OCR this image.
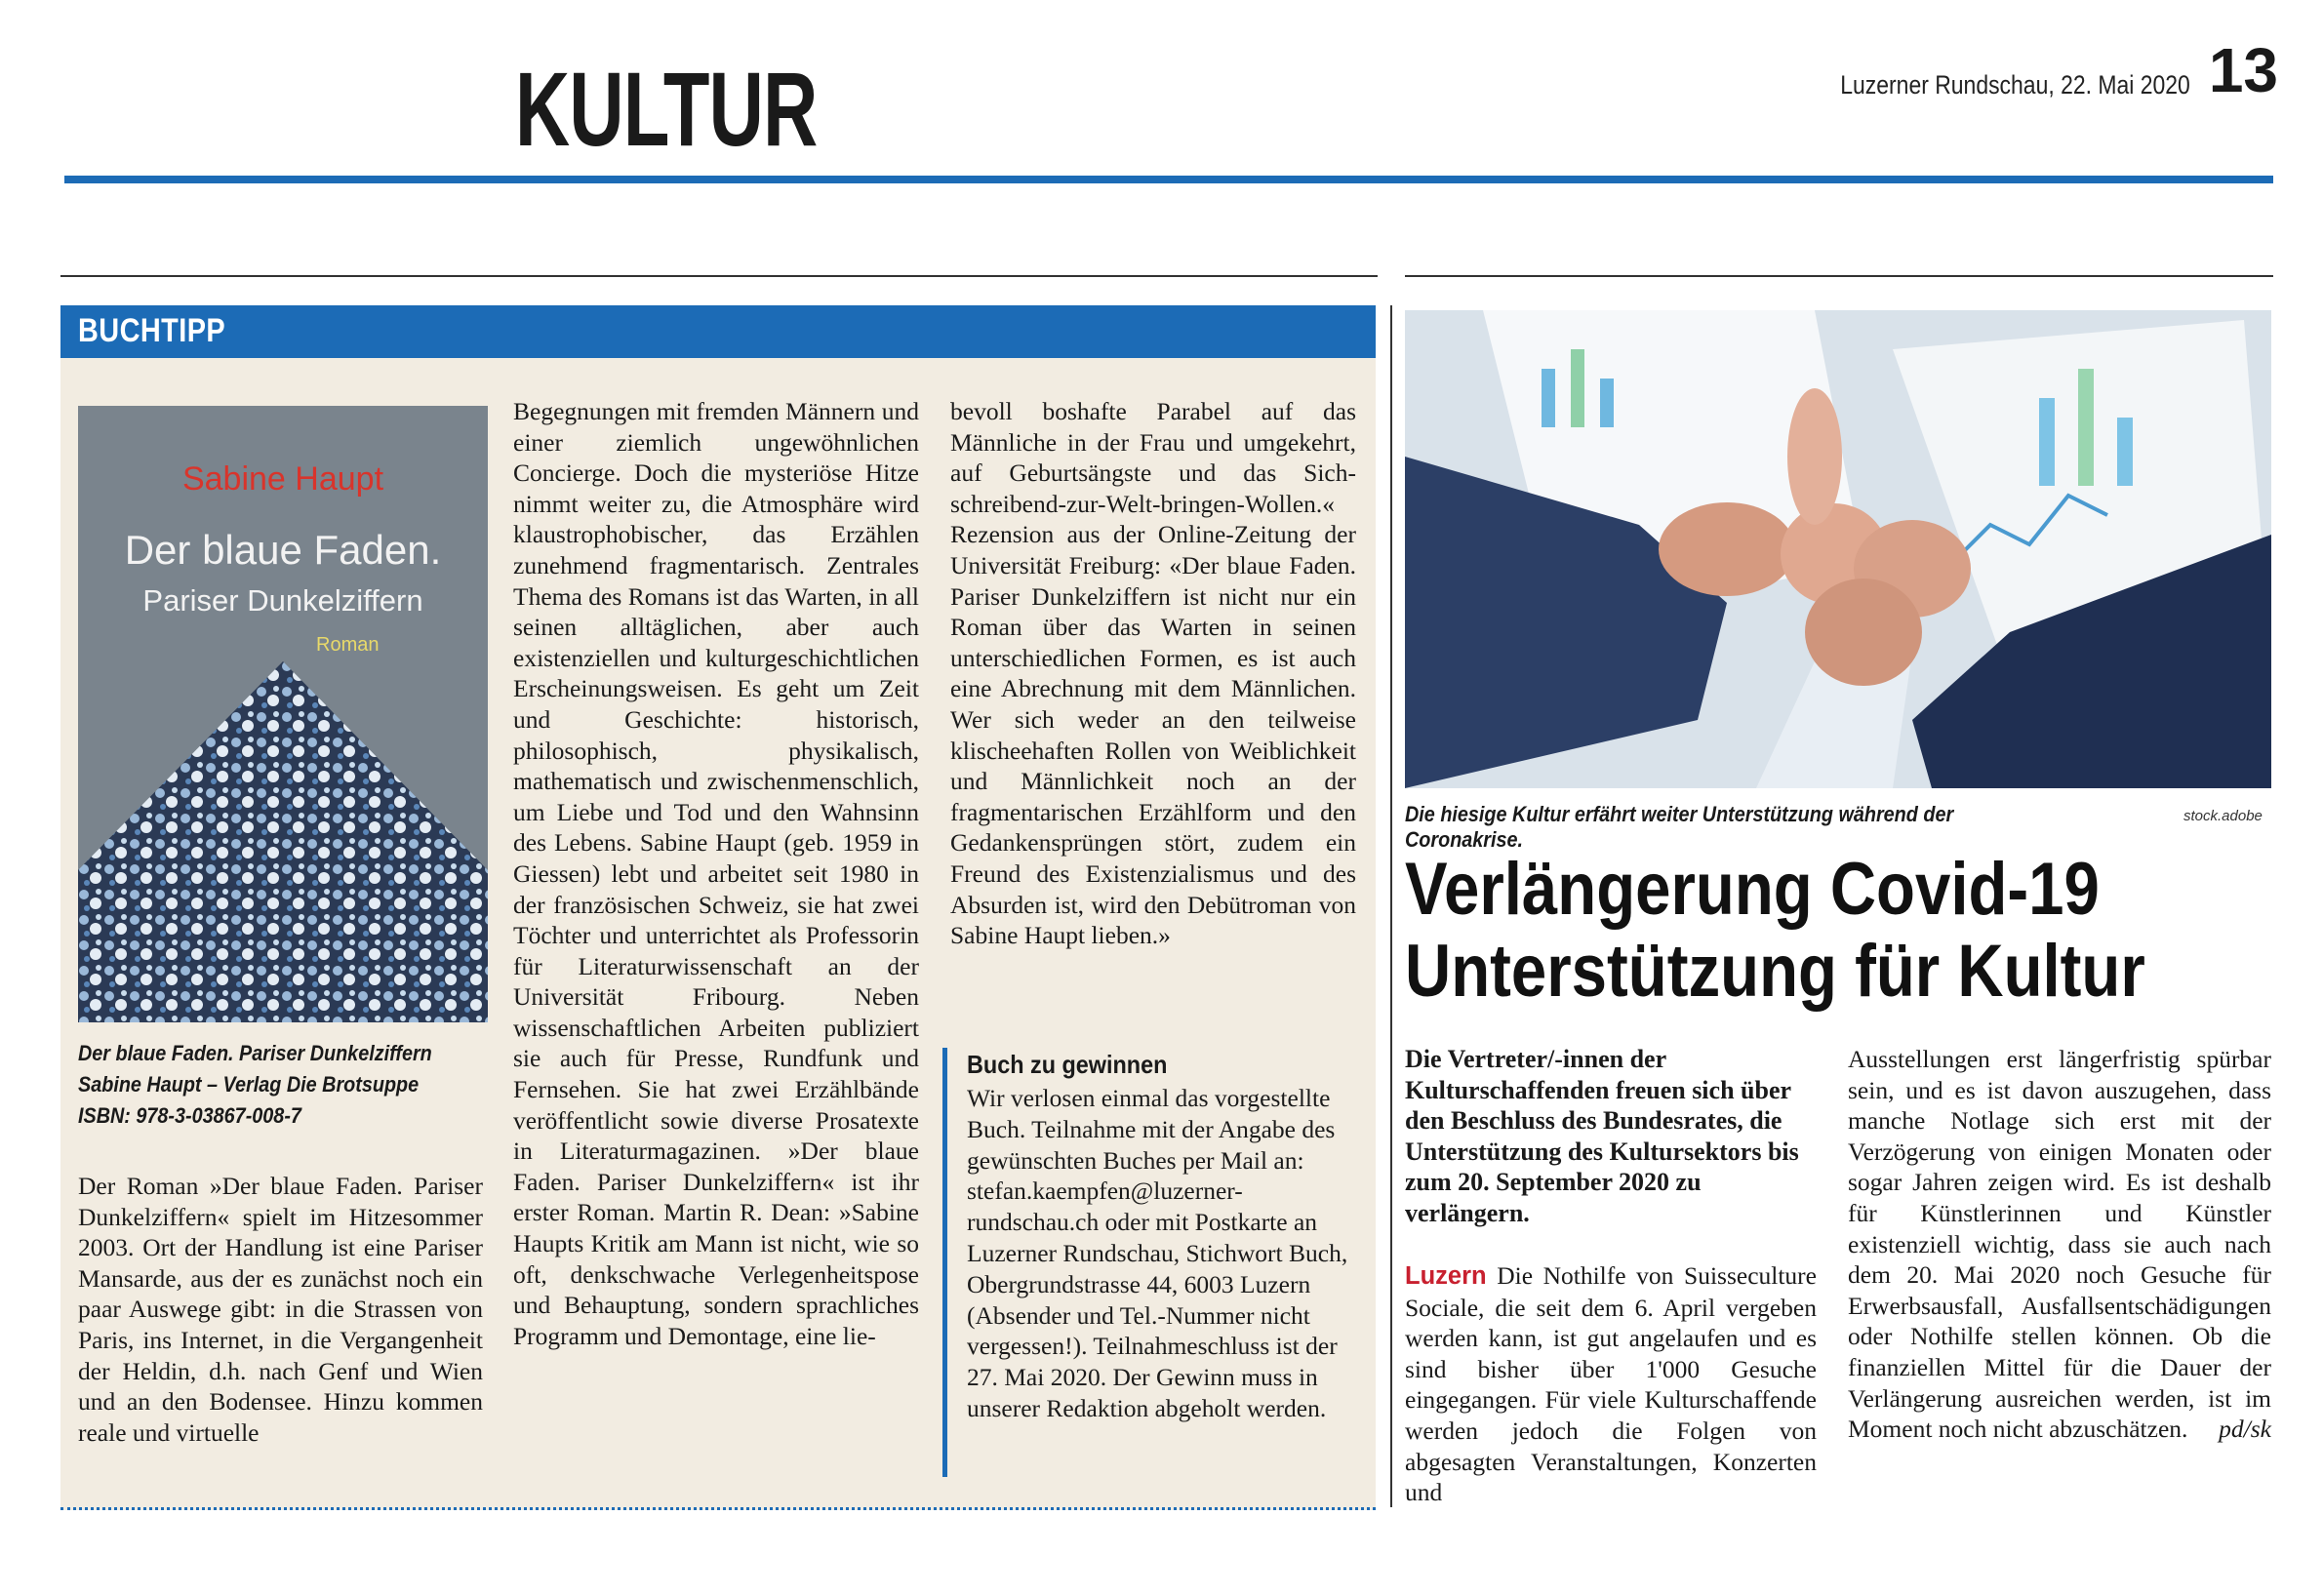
KULTUR	Luzerner Rundschau, 22. Mai 2020 13
BUCHTIPP
Sabine Haupt
Der blaue Faden.
Pariser Dunkelziffern
Roman
Der blaue Faden. Pariser Dunkelziffern
Sabine Haupt – Verlag Die Brotsuppe
ISBN: 978-3-03867-008-7
Der Roman »Der blaue Faden. Pariser Dunkelziffern« spielt im Hitzesommer 2003. Ort der Handlung ist eine Pariser Mansarde, aus der es zunächst noch ein paar Auswege gibt: in die Strassen von Paris, ins Internet, in die Vergangenheit der Heldin, d.h. nach Genf und Wien und an den Bodensee. Hinzu kommen reale und virtuelle
Begegnungen mit fremden Männern und einer ziemlich ungewöhnlichen Concierge. Doch die mysteriöse Hitze nimmt weiter zu, die Atmosphäre wird klaustrophobischer, das Erzählen zunehmend fragmentarisch. Zentrales Thema des Romans ist das Warten, in all seinen alltäglichen, aber auch existenziellen und kulturgeschichtlichen Erscheinungsweisen. Es geht um Zeit und Geschichte: historisch, philosophisch, physikalisch, mathematisch und zwischenmenschlich, um Liebe und Tod und den Wahnsinn des Lebens. Sabine Haupt (geb. 1959 in Giessen) lebt und arbeitet seit 1980 in der französischen Schweiz, sie hat zwei Töchter und unterrichtet als Professorin für Literaturwissenschaft an der Universität Fribourg. Neben wissenschaftlichen Arbeiten publiziert sie auch für Presse, Rundfunk und Fernsehen. Sie hat zwei Erzählbände veröffentlicht sowie diverse Prosatexte in Literaturmagazinen. »Der blaue Faden. Pariser Dunkelziffern« ist ihr erster Roman. Martin R. Dean: »Sabine Haupts Kritik am Mann ist nicht, wie so oft, denkschwache Verlegenheitspose und Behauptung, sondern sprachliches Programm und Demontage, eine lie-
bevoll boshafte Parabel auf das Männliche in der Frau und umgekehrt, auf Geburtsängste und das Sich-schreibend-zur-Welt-bringen-Wollen.« Rezension aus der Online-Zeitung der Universität Freiburg: «Der blaue Faden. Pariser Dunkelziffern ist nicht nur ein Roman über das Warten in seinen unterschiedlichen Formen, es ist auch eine Abrechnung mit dem Männlichen. Wer sich weder an den teilweise klischeehaften Rollen von Weiblichkeit und Männlichkeit noch an der fragmentarischen Erzählform und den Gedankensprüngen stört, zudem ein Freund des Existenzialismus und des Absurden ist, wird den Debütroman von Sabine Haupt lieben.»
Buch zu gewinnen
Wir verlosen einmal das vorgestellte Buch. Teilnahme mit der Angabe des gewünschten Buches per Mail an: stefan.kaempfen@luzerner-rundschau.ch oder mit Postkarte an Luzerner Rundschau, Stichwort Buch, Obergrundstrasse 44, 6003 Luzern (Absender und Tel.-Nummer nicht vergessen!). Teilnahmeschluss ist der 27. Mai 2020. Der Gewinn muss in unserer Redaktion abgeholt werden.
Die hiesige Kultur erfährt weiter Unterstützung während der Coronakrise.
stock.adobe
Verlängerung Covid-19
Unterstützung für Kultur
Die Vertreter/-innen der Kulturschaffenden freuen sich über den Beschluss des Bundesrates, die Unterstützung des Kultursektors bis zum 20. September 2020 zu verlängern.
Luzern Die Nothilfe von Suisseculture Sociale, die seit dem 6. April vergeben werden kann, ist gut angelaufen und es sind bisher über 1'000 Gesuche eingegangen. Für viele Kulturschaffende werden jedoch die Folgen von abgesagten Veranstaltungen, Konzerten und
Ausstellungen erst längerfristig spürbar sein, und es ist davon auszugehen, dass manche Notlage sich erst mit der Verzögerung von einigen Monaten oder sogar Jahren zeigen wird. Es ist deshalb für Künstlerinnen und Künstler existenziell wichtig, dass sie auch nach dem 20. Mai 2020 noch Gesuche für Erwerbsausfall, Ausfallsentschädigungen oder Nothilfe stellen können. Ob die finanziellen Mittel für die Dauer der Verlängerung ausreichen werden, ist im Moment noch nicht abzuschätzen. pd/sk
